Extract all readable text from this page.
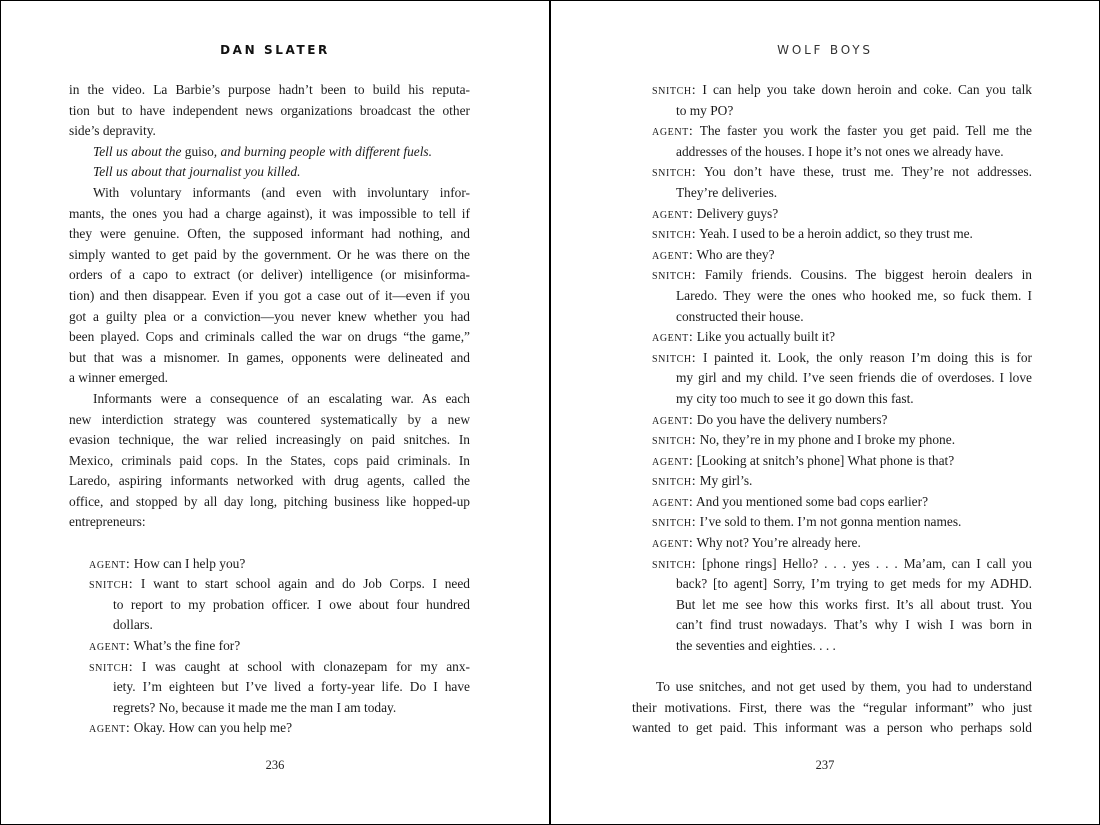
DAN SLATER
in the video. La Barbie’s purpose hadn’t been to build his reputa-
tion but to have independent news organizations broadcast the other
side’s depravity.
Tell us about the guiso, and burning people with different fuels.
Tell us about that journalist you killed.
With voluntary informants (and even with involuntary infor-
mants, the ones you had a charge against), it was impossible to tell if
they were genuine. Often, the supposed informant had nothing, and
simply wanted to get paid by the government. Or he was there on the
orders of a capo to extract (or deliver) intelligence (or misinforma-
tion) and then disappear. Even if you got a case out of it—even if you
got a guilty plea or a conviction—you never knew whether you had
been played. Cops and criminals called the war on drugs “the game,”
but that was a misnomer. In games, opponents were delineated and
a winner emerged.
Informants were a consequence of an escalating war. As each
new interdiction strategy was countered systematically by a new
evasion technique, the war relied increasingly on paid snitches. In
Mexico, criminals paid cops. In the States, cops paid criminals. In
Laredo, aspiring informants networked with drug agents, called the
office, and stopped by all day long, pitching business like hopped-up
entrepreneurs:
agent: How can I help you?
snitch: I want to start school again and do Job Corps. I need
to report to my probation officer. I owe about four hundred
dollars.
agent: What’s the fine for?
snitch: I was caught at school with clonazepam for my anx-
iety. I’m eighteen but I’ve lived a forty-year life. Do I have
regrets? No, because it made me the man I am today.
agent: Okay. How can you help me?
236
WOLF BOYS
snitch: I can help you take down heroin and coke. Can you talk
to my PO?
agent: The faster you work the faster you get paid. Tell me the
addresses of the houses. I hope it’s not ones we already have.
snitch: You don’t have these, trust me. They’re not addresses.
They’re deliveries.
agent: Delivery guys?
snitch: Yeah. I used to be a heroin addict, so they trust me.
agent: Who are they?
snitch: Family friends. Cousins. The biggest heroin dealers in
Laredo. They were the ones who hooked me, so fuck them. I
constructed their house.
agent: Like you actually built it?
snitch: I painted it. Look, the only reason I’m doing this is for
my girl and my child. I’ve seen friends die of overdoses. I love
my city too much to see it go down this fast.
agent: Do you have the delivery numbers?
snitch: No, they’re in my phone and I broke my phone.
agent: [Looking at snitch’s phone] What phone is that?
snitch: My girl’s.
agent: And you mentioned some bad cops earlier?
snitch: I’ve sold to them. I’m not gonna mention names.
agent: Why not? You’re already here.
snitch: [phone rings] Hello? . . . yes . . . Ma’am, can I call you
back? [to agent] Sorry, I’m trying to get meds for my ADHD.
But let me see how this works first. It’s all about trust. You
can’t find trust nowadays. That’s why I wish I was born in
the seventies and eighties. . . .
To use snitches, and not get used by them, you had to understand
their motivations. First, there was the “regular informant” who just
wanted to get paid. This informant was a person who perhaps sold
237
